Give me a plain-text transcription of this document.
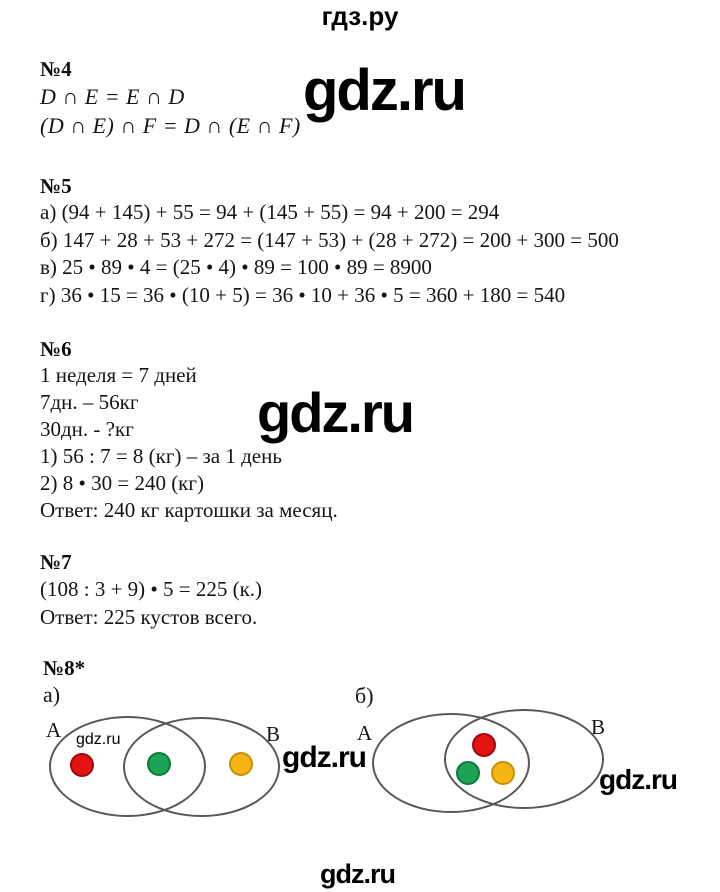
гдз.ру
№4
D ∩ E = E ∩ D
(D ∩ E) ∩ F = D ∩ (E ∩ F)
gdz.ru
№5
а) (94 + 145) + 55 = 94 + (145 + 55) = 94 + 200 = 294
б) 147 + 28 + 53 + 272 = (147 + 53) + (28 + 272) = 200 + 300 = 500
в) 25 • 89 • 4 = (25 • 4) • 89 = 100 • 89 = 8900
г) 36 • 15 = 36 • (10 + 5) = 36 • 10 + 36 • 5 = 360 + 180 = 540
№6
1 неделя = 7 дней
7дн. – 56кг
30дн. - ?кг
1) 56 : 7 = 8 (кг) – за 1 день
2) 8 • 30 = 240 (кг)
Ответ: 240 кг картошки за месяц.
gdz.ru
№7
(108 : 3 + 9) • 5 = 225 (к.)
Ответ: 225 кустов всего.
№8*
а)
A	B
gdz.ru
gdz.ru
б)
A	B
gdz.ru
gdz.ru
